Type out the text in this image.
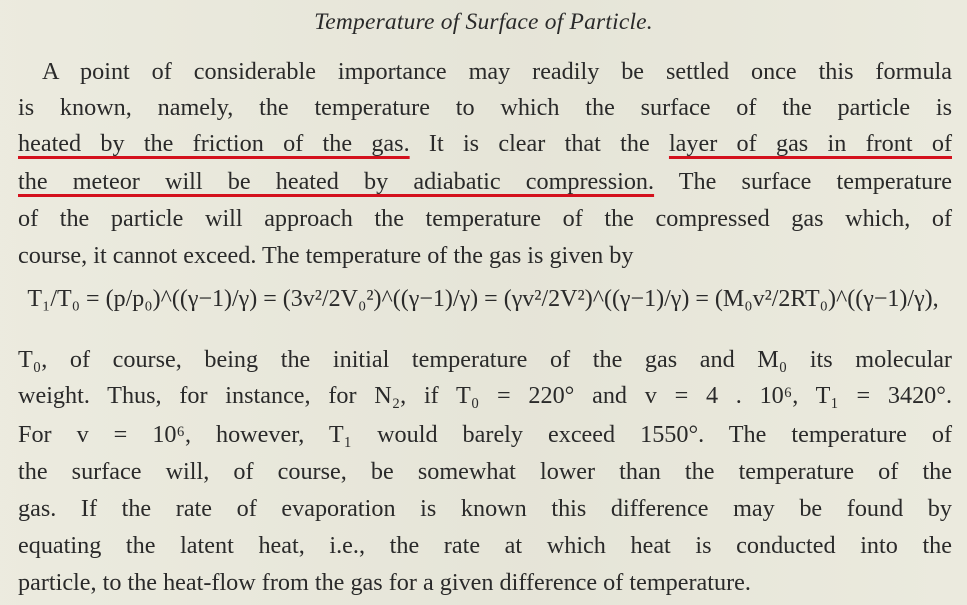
Temperature of Surface of Particle.
A point of considerable importance may readily be settled once this formula
is known, namely, the temperature to which the surface of the particle is
heated by the friction of the gas. It is clear that the layer of gas in front of
the meteor will be heated by adiabatic compression. The surface temperature
of the particle will approach the temperature of the compressed gas which, of
course, it cannot exceed. The temperature of the gas is given by
T₁/T₀ = (p/p₀)^((γ−1)/γ) = (3v²/2V₀²)^((γ−1)/γ) = (γv²/2V²)^((γ−1)/γ) = (M₀v²/2RT₀)^((γ−1)/γ),
T₀, of course, being the initial temperature of the gas and M₀ its molecular
weight. Thus, for instance, for N₂, if T₀ = 220° and v = 4 . 10⁶, T₁ = 3420°.
For v = 10⁶, however, T₁ would barely exceed 1550°. The temperature of
the surface will, of course, be somewhat lower than the temperature of the
gas. If the rate of evaporation is known this difference may be found by
equating the latent heat, i.e., the rate at which heat is conducted into the
particle, to the heat-flow from the gas for a given difference of temperature.
